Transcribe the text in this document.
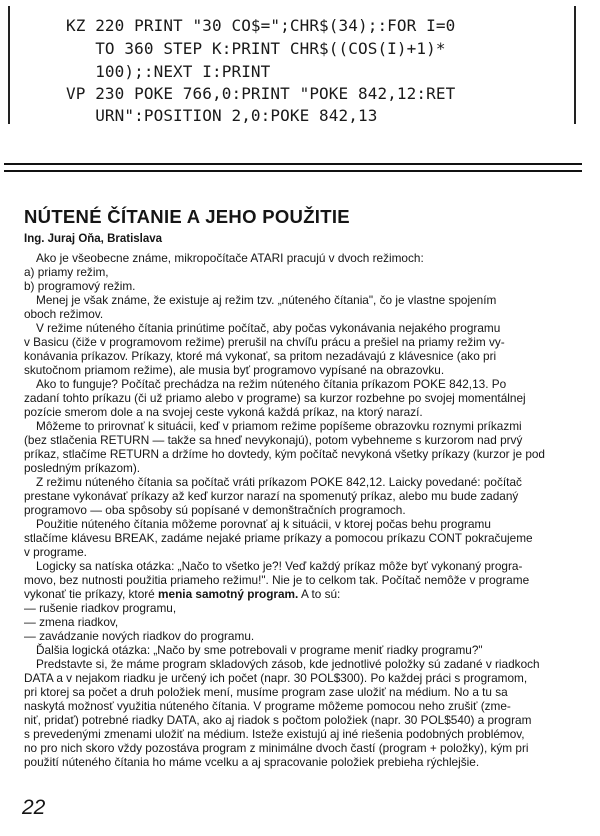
KZ 220 PRINT "30 CO$=";CHR$(34);:FOR I=0
TO 360 STEP K:PRINT CHR$((COS(I)+1)*
100);:NEXT I:PRINT
VP 230 POKE 766,0:PRINT "POKE 842,12:RET
URN":POSITION 2,0:POKE 842,13
NÚTENÉ ČÍTANIE A JEHO POUŽITIE
Ing. Juraj Oňa, Bratislava
Ako je všeobecne známe, mikropočítače ATARI pracujú v dvoch režimoch:
a) priamy režim,
b) programový režim.
Menej je však známe, že existuje aj režim tzv. „núteného čítania", čo je vlastne spojením
oboch režimov.
V režime núteného čítania prinútime počítač, aby počas vykonávania nejakého programu
v Basicu (čiže v programovom režime) prerušil na chvíľu prácu a prešiel na priamy režim vy-
konávania príkazov. Príkazy, ktoré má vykonať, sa pritom nezadávajú z klávesnice (ako pri
skutočnom priamom režime), ale musia byť programovo vypísané na obrazovku.
Ako to funguje? Počítač prechádza na režim núteného čítania príkazom POKE 842,13. Po
zadaní tohto príkazu (či už priamo alebo v programe) sa kurzor rozbehne po svojej momentálnej
pozície smerom dole a na svojej ceste vykoná každá príkaz, na ktorý narazí.
Môžeme to prirovnať k situácii, keď v priamom režime popíšeme obrazovku roznymi príkazmi
(bez stlačenia RETURN — takže sa hneď nevykonajú), potom vybehneme s kurzorom nad prvý
príkaz, stlačíme RETURN a držíme ho dovtedy, kým počítač nevykoná všetky príkazy (kurzor je pod
posledným príkazom).
Z režimu núteného čítania sa počítač vráti príkazom POKE 842,12. Laicky povedané: počítač
prestane vykonávať príkazy až keď kurzor narazí na spomenutý príkaz, alebo mu bude zadaný
programovo — oba spôsoby sú popísané v demonštračních programoch.
Použitie núteného čítania môžeme porovnať aj k situácii, v ktorej počas behu programu
stlačíme klávesu BREAK, zadáme nejaké priame príkazy a pomocou príkazu CONT pokračujeme
v programe.
Logicky sa natíska otázka: „Načo to všetko je?! Veď každý príkaz môže byť vykonaný progra-
movo, bez nutnosti použitia priameho režimu!". Nie je to celkom tak. Počítač nemôže v programe
vykonať tie príkazy, ktoré menia samotný program. A to sú:
— rušenie riadkov programu,
— zmena riadkov,
— zavádzanie nových riadkov do programu.
Ďalšia logická otázka: „Načo by sme potrebovali v programe meniť riadky programu?"
Predstavte si, že máme program skladových zásob, kde jednotlivé položky sú zadané v riadkoch
DATA a v nejakom riadku je určený ich počet (napr. 30 POL$300). Po každej práci s programom,
pri ktorej sa počet a druh položiek mení, musíme program zase uložiť na médium. No a tu sa
naskytá možnosť využitia núteného čítania. V programe môžeme pomocou neho zrušiť (zme-
niť, pridať) potrebné riadky DATA, ako aj riadok s počtom položiek (napr. 30 POL$540) a program
s prevedenými zmenami uložiť na médium. Isteže existujú aj iné riešenia podobných problémov,
no pro nich skoro vždy pozostáva program z minimálne dvoch častí (program + položky), kým pri
použití núteného čítania ho máme vcelku a aj spracovanie položiek prebieha rýchlejšie.
22
